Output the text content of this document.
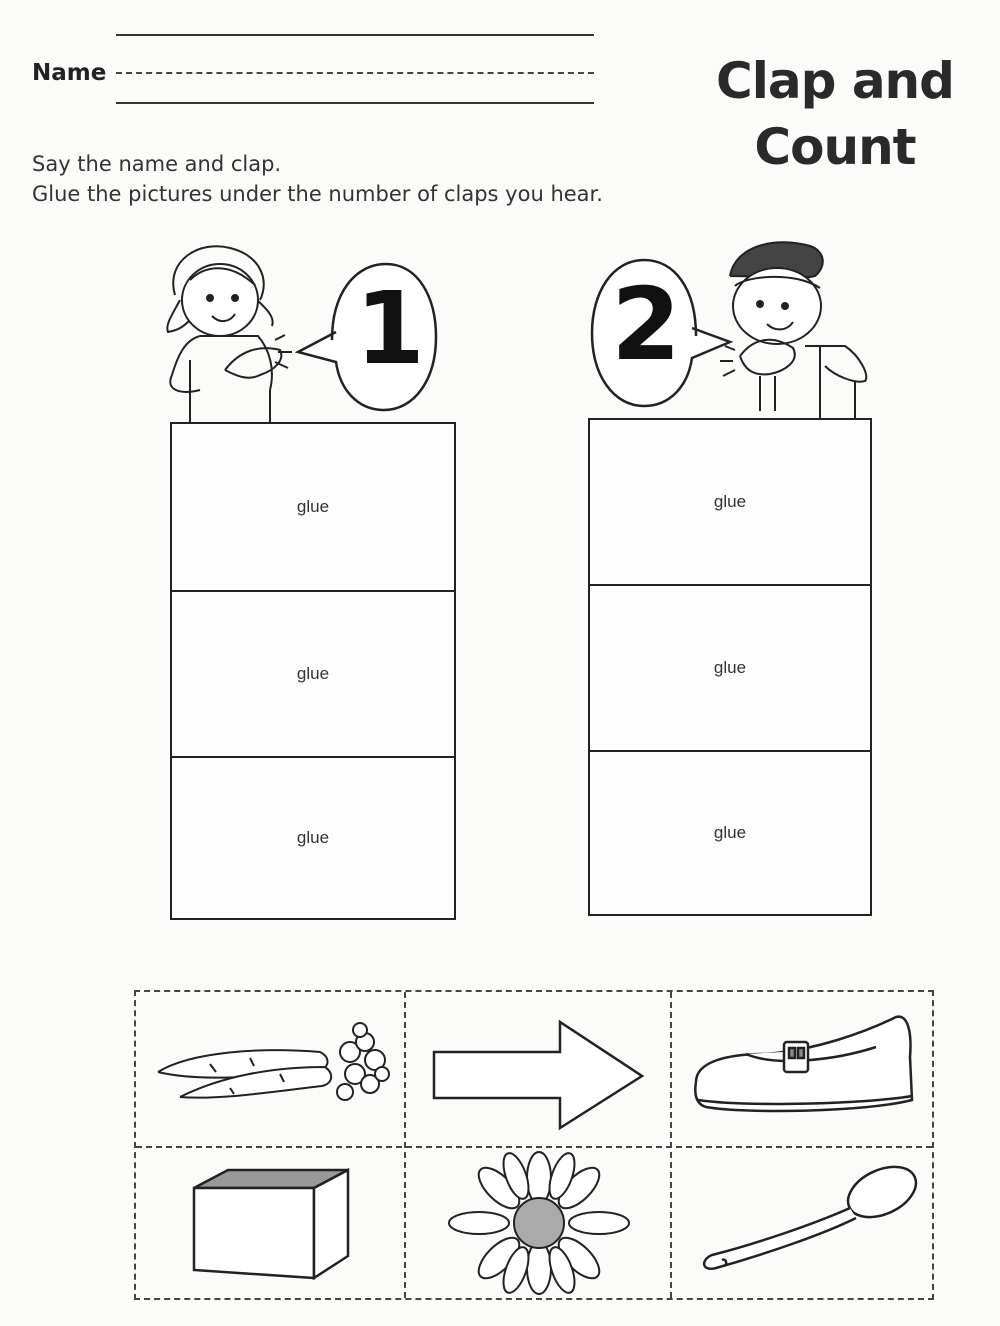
Name	Clap and
Count
Say the name and clap.
Glue the pictures under the number of claps you hear.
1 2
glue
glue
glue
glue
glue
glue
